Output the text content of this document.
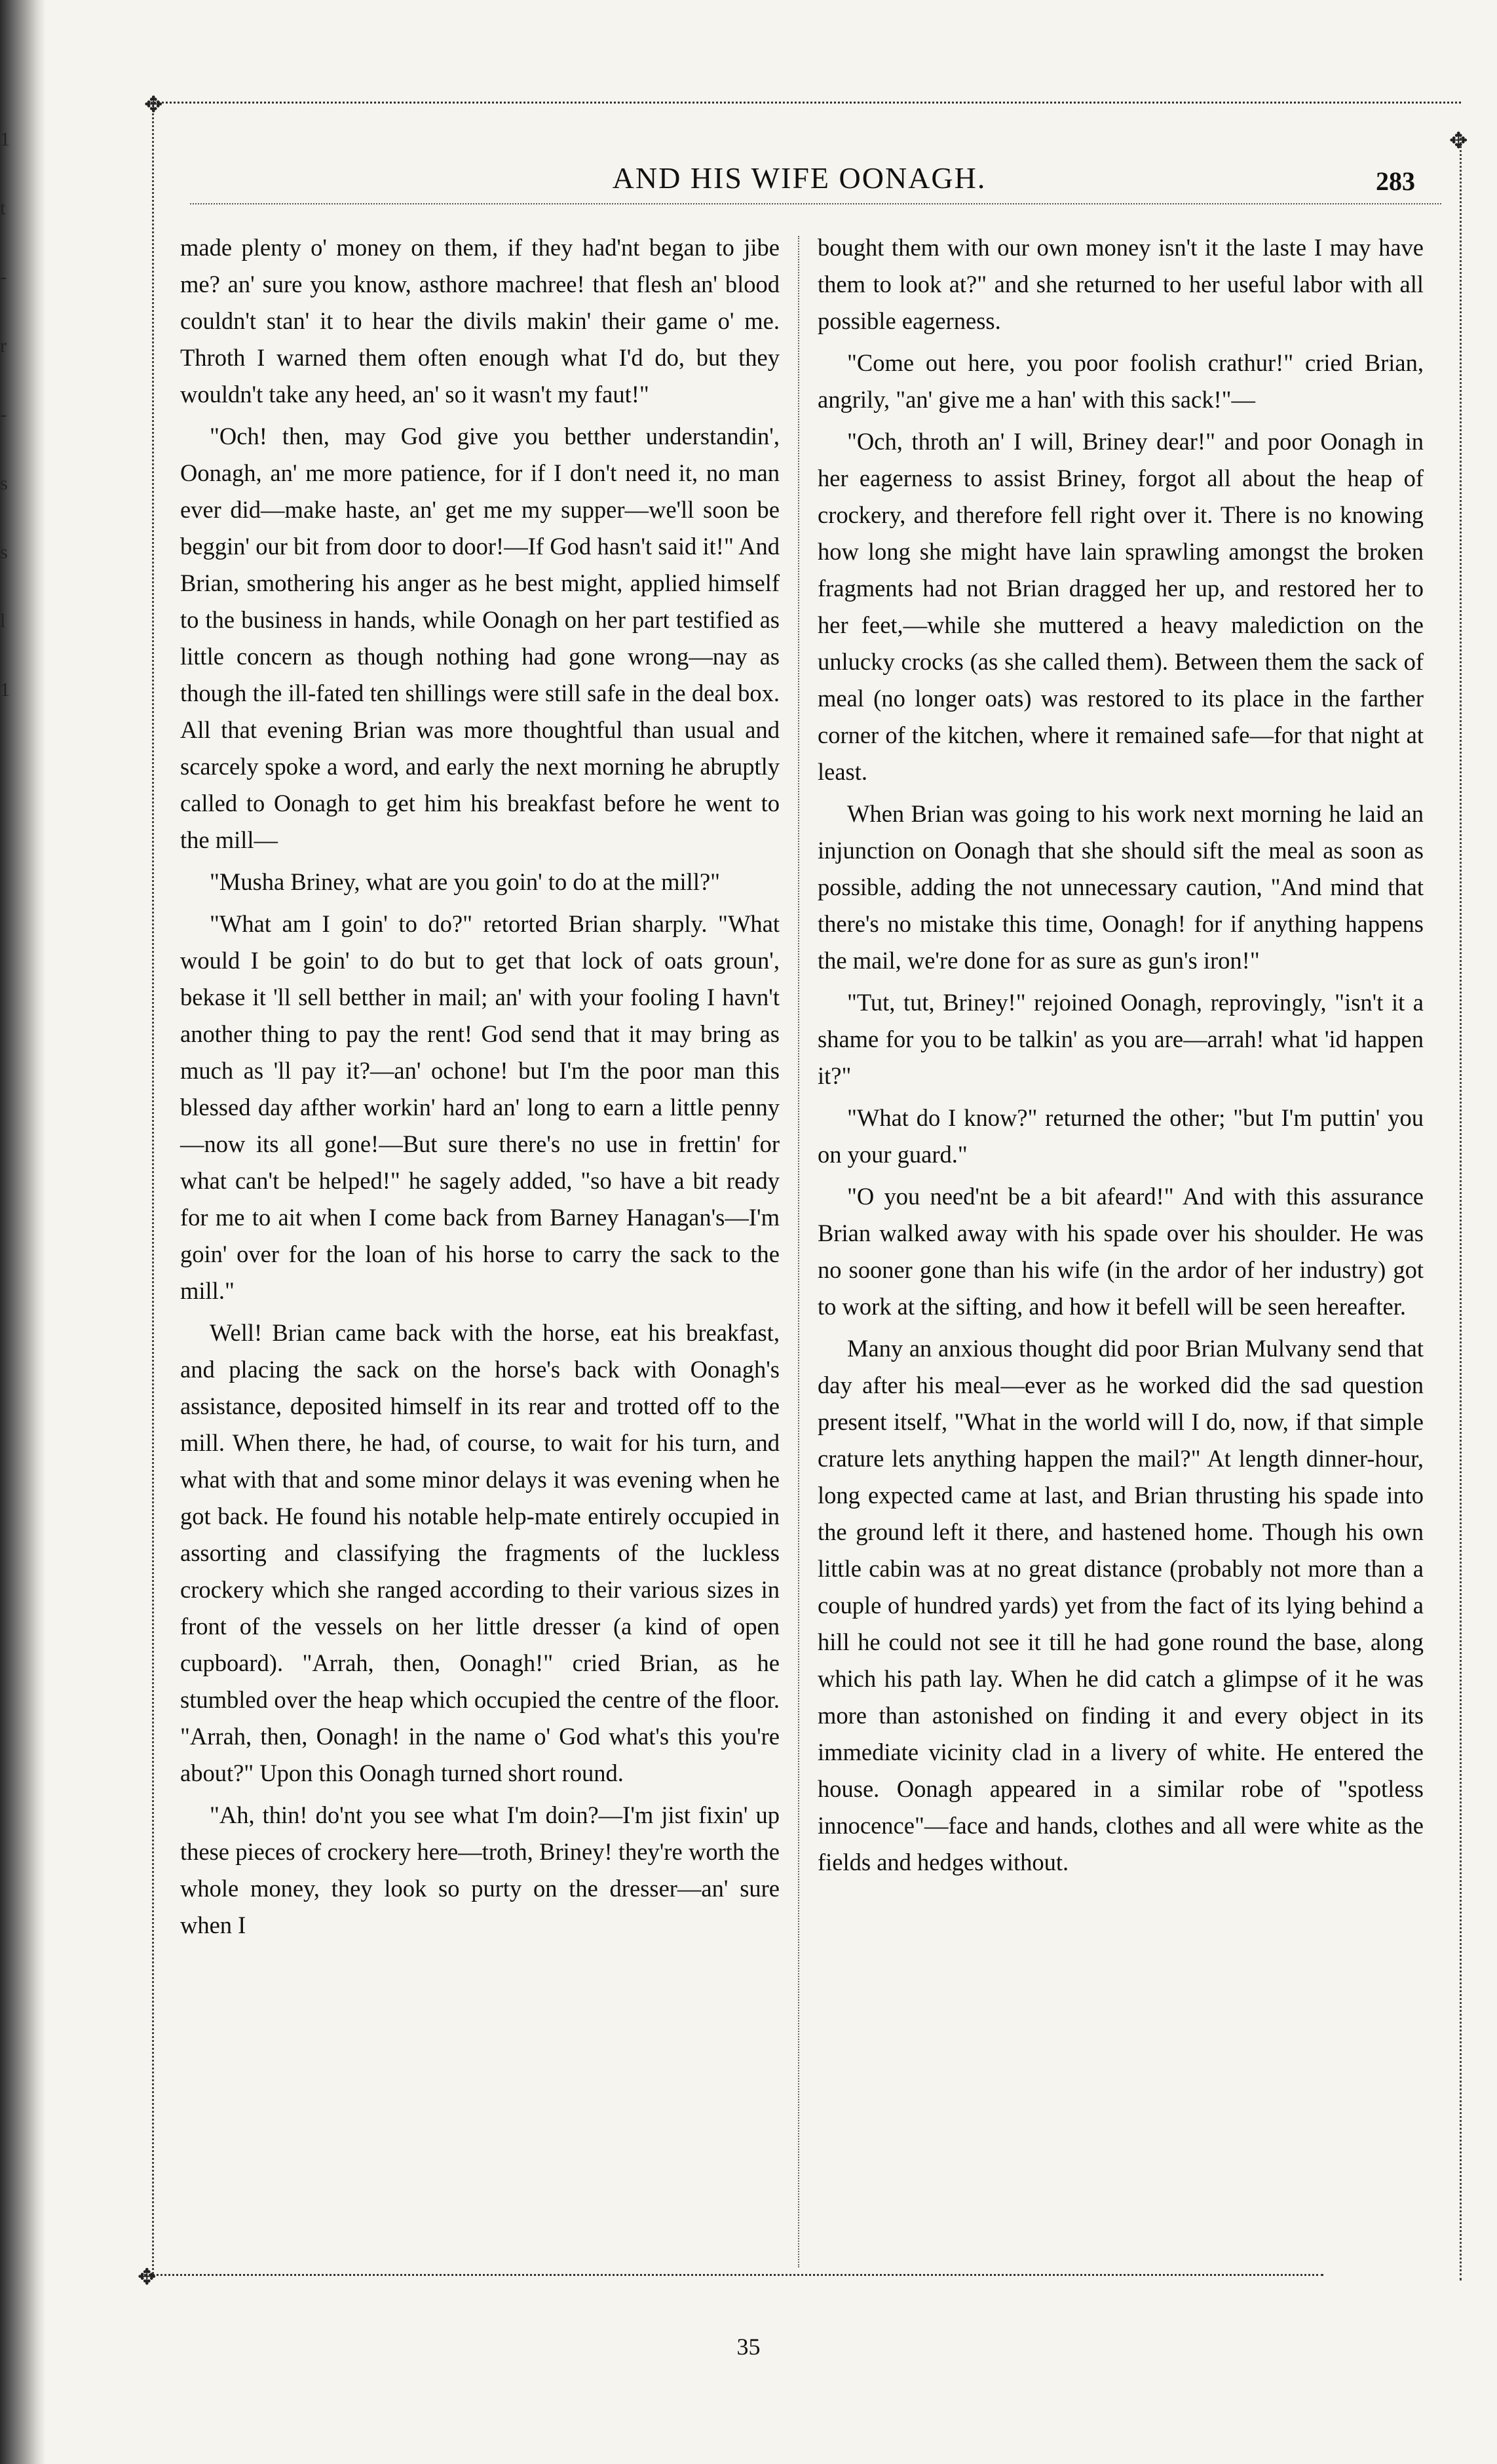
1
t
-
r
-
s
s
l
1
✥
✥
✥
AND HIS WIFE OONAGH.	283

made plenty o' money on them, if they had'nt began to jibe me? an' sure you know, asthore machree! that flesh an' blood couldn't stan' it to hear the divils makin' their game o' me. Throth I warned them often enough what I'd do, but they wouldn't take any heed, an' so it wasn't my faut!"

"Och! then, may God give you betther understandin', Oonagh, an' me more patience, for if I don't need it, no man ever did—make haste, an' get me my supper—we'll soon be beggin' our bit from door to door!—If God hasn't said it!" And Brian, smothering his anger as he best might, applied himself to the business in hands, while Oonagh on her part testified as little concern as though nothing had gone wrong—nay as though the ill-fated ten shillings were still safe in the deal box. All that evening Brian was more thoughtful than usual and scarcely spoke a word, and early the next morning he abruptly called to Oonagh to get him his breakfast before he went to the mill—

"Musha Briney, what are you goin' to do at the mill?"

"What am I goin' to do?" retorted Brian sharply. "What would I be goin' to do but to get that lock of oats groun', bekase it 'll sell betther in mail; an' with your fooling I havn't another thing to pay the rent! God send that it may bring as much as 'll pay it?—an' ochone! but I'm the poor man this blessed day afther workin' hard an' long to earn a little penny—now its all gone!—But sure there's no use in frettin' for what can't be helped!" he sagely added, "so have a bit ready for me to ait when I come back from Barney Hanagan's—I'm goin' over for the loan of his horse to carry the sack to the mill."

Well! Brian came back with the horse, eat his breakfast, and placing the sack on the horse's back with Oonagh's assistance, deposited himself in its rear and trotted off to the mill. When there, he had, of course, to wait for his turn, and what with that and some minor delays it was evening when he got back. He found his notable help-mate entirely occupied in assorting and classifying the fragments of the luckless crockery which she ranged according to their various sizes in front of the vessels on her little dresser (a kind of open cupboard). "Arrah, then, Oonagh!" cried Brian, as he stumbled over the heap which occupied the centre of the floor. "Arrah, then, Oonagh! in the name o' God what's this you're about?" Upon this Oonagh turned short round.

"Ah, thin! do'nt you see what I'm doin?—I'm jist fixin' up these pieces of crockery here—troth, Briney! they're worth the whole money, they look so purty on the dresser—an' sure when I

bought them with our own money isn't it the laste I may have them to look at?" and she returned to her useful labor with all possible eagerness.

"Come out here, you poor foolish crathur!" cried Brian, angrily, "an' give me a han' with this sack!"—

"Och, throth an' I will, Briney dear!" and poor Oonagh in her eagerness to assist Briney, forgot all about the heap of crockery, and therefore fell right over it. There is no knowing how long she might have lain sprawling amongst the broken fragments had not Brian dragged her up, and restored her to her feet,—while she muttered a heavy malediction on the unlucky crocks (as she called them). Between them the sack of meal (no longer oats) was restored to its place in the farther corner of the kitchen, where it remained safe—for that night at least.

When Brian was going to his work next morning he laid an injunction on Oonagh that she should sift the meal as soon as possible, adding the not unnecessary caution, "And mind that there's no mistake this time, Oonagh! for if anything happens the mail, we're done for as sure as gun's iron!"

"Tut, tut, Briney!" rejoined Oonagh, reprovingly, "isn't it a shame for you to be talkin' as you are—arrah! what 'id happen it?"

"What do I know?" returned the other; "but I'm puttin' you on your guard."

"O you need'nt be a bit afeard!" And with this assurance Brian walked away with his spade over his shoulder. He was no sooner gone than his wife (in the ardor of her industry) got to work at the sifting, and how it befell will be seen hereafter.

Many an anxious thought did poor Brian Mulvany send that day after his meal—ever as he worked did the sad question present itself, "What in the world will I do, now, if that simple crature lets anything happen the mail?" At length dinner-hour, long expected came at last, and Brian thrusting his spade into the ground left it there, and hastened home. Though his own little cabin was at no great distance (probably not more than a couple of hundred yards) yet from the fact of its lying behind a hill he could not see it till he had gone round the base, along which his path lay. When he did catch a glimpse of it he was more than astonished on finding it and every object in its immediate vicinity clad in a livery of white. He entered the house. Oonagh appeared in a similar robe of "spotless innocence"—face and hands, clothes and all were white as the fields and hedges without.

35
